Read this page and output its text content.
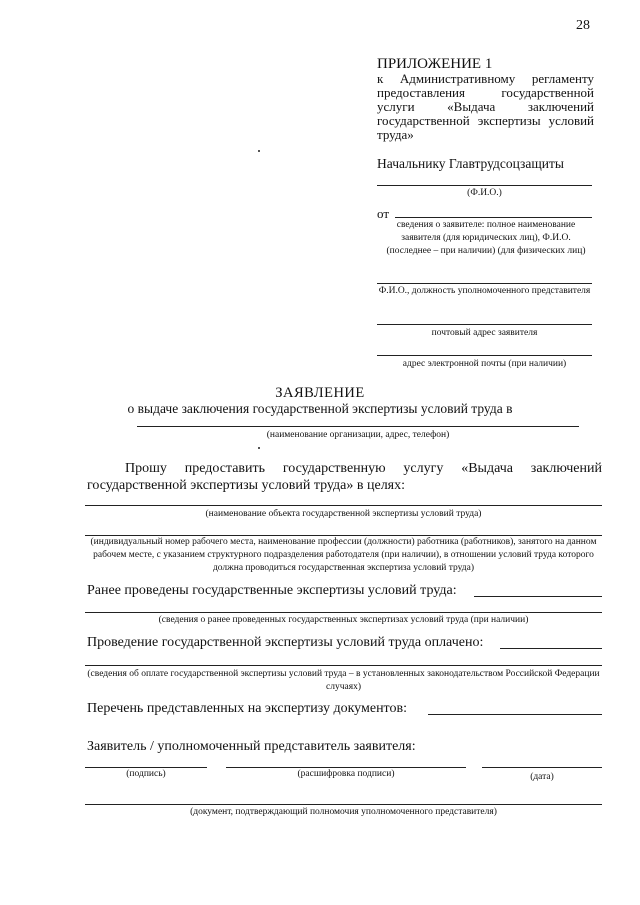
28
ПРИЛОЖЕНИЕ 1
к Административному регламенту предоставления государственной услуги «Выдача заключений государственной экспертизы условий труда»
Начальнику Главтрудсоцзащиты
(Ф.И.О.)
от
сведения о заявителе: полное наименование заявителя (для юридических лиц), Ф.И.О. (последнее – при наличии) (для физических лиц)
Ф.И.О., должность уполномоченного представителя
почтовый адрес заявителя
адрес электронной почты (при наличии)
ЗАЯВЛЕНИЕ
о выдаче заключения государственной экспертизы условий труда в
(наименование организации, адрес, телефон)
Прошу предоставить государственную услугу «Выдача заключений государственной экспертизы условий труда» в целях:
(наименование объекта государственной экспертизы условий труда)
(индивидуальный номер рабочего места, наименование профессии (должности) работника (работников), занятого на данном рабочем месте, с указанием структурного подразделения работодателя (при наличии), в отношении условий труда которого должна проводиться государственная экспертиза условий труда)
Ранее проведены государственные экспертизы условий труда:
(сведения о ранее проведенных государственных экспертизах условий труда (при наличии)
Проведение государственной экспертизы условий труда оплачено:
(сведения об оплате государственной экспертизы условий труда – в установленных законодательством Российской Федерации случаях)
Перечень представленных на экспертизу документов:
Заявитель / уполномоченный представитель заявителя:
(подпись)	(расшифровка подписи)	(дата)
(документ, подтверждающий полномочия уполномоченного представителя)
